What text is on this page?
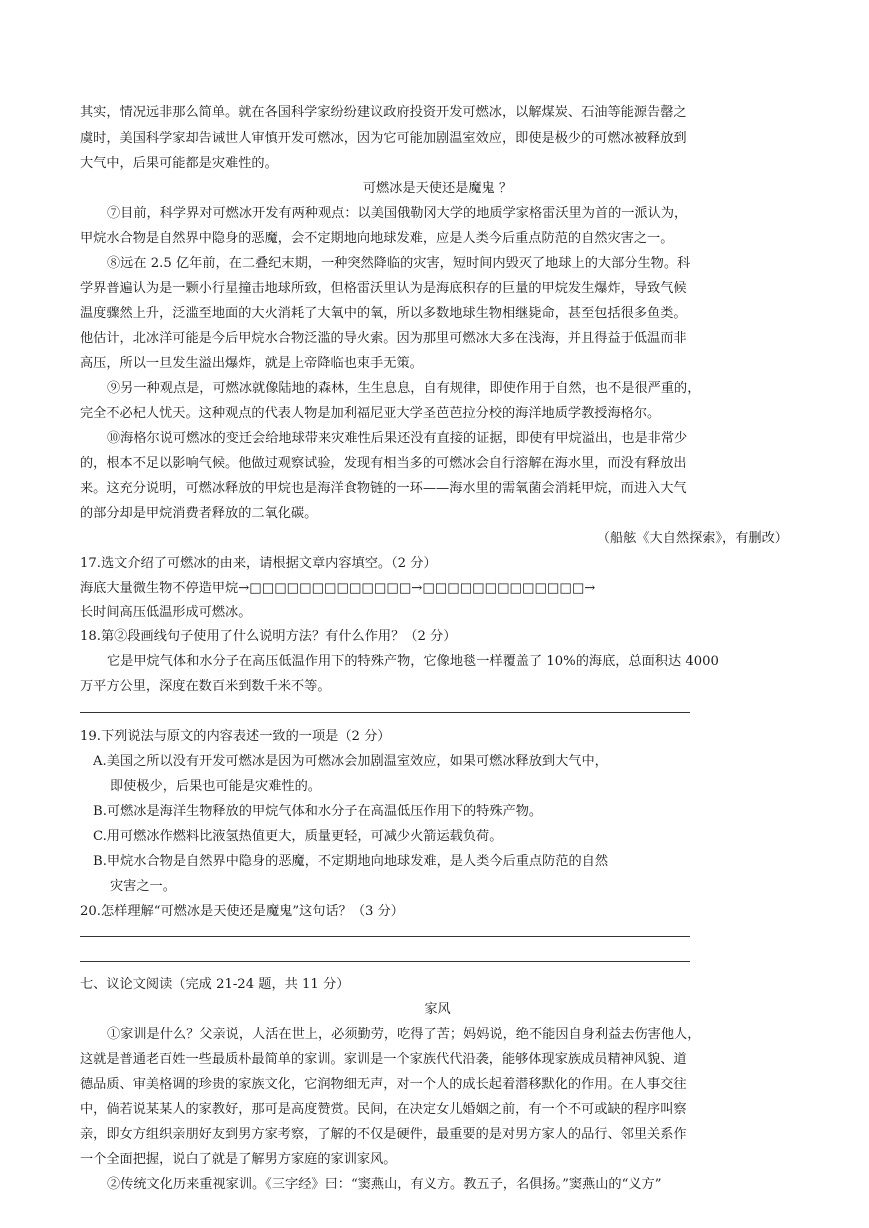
其实，情况远非那么简单。就在各国科学家纷纷建议政府投资开发可燃冰，以解煤炭、石油等能源告罄之
虞时，美国科学家却告诫世人审慎开发可燃冰，因为它可能加剧温室效应，即使是极少的可燃冰被释放到
大气中，后果可能都是灾难性的。
可燃冰是天使还是魔鬼 ？
⑦目前，科学界对可燃冰开发有两种观点：以美国俄勒冈大学的地质学家格雷沃里为首的一派认为，
甲烷水合物是自然界中隐身的恶魔，会不定期地向地球发难，应是人类今后重点防范的自然灾害之一。
⑧远在 2.5 亿年前，在二叠纪末期，一种突然降临的灾害，短时间内毁灭了地球上的大部分生物。科
学界普遍认为是一颗小行星撞击地球所致，但格雷沃里认为是海底积存的巨量的甲烷发生爆炸，导致气候
温度骤然上升，泛滥至地面的大火消耗了大氧中的氧，所以多数地球生物相继毙命，甚至包括很多鱼类。
他估计，北冰洋可能是今后甲烷水合物泛滥的导火索。因为那里可燃冰大多在浅海，并且得益于低温而非
高压，所以一旦发生溢出爆炸，就是上帝降临也束手无策。
⑨另一种观点是，可燃冰就像陆地的森林，生生息息，自有规律，即使作用于自然，也不是很严重的，
完全不必杞人忧天。这种观点的代表人物是加利福尼亚大学圣芭芭拉分校的海洋地质学教授海格尔。
⑩海格尔说可燃冰的变迁会给地球带来灾难性后果还没有直接的证据，即使有甲烷溢出，也是非常少
的，根本不足以影响气候。他做过观察试验，发现有相当多的可燃冰会自行溶解在海水里，而没有释放出
来。这充分说明，可燃冰释放的甲烷也是海洋食物链的一环——海水里的需氧菌会消耗甲烷，而进入大气
的部分却是甲烷消费者释放的二氧化碳。
（船舷《大自然探索》，有删改）
17.选文介绍了可燃冰的由来，请根据文章内容填空。（2 分）
海底大量微生物不停造甲烷→□□□□□□□□□□□□□→□□□□□□□□□□□□□→
长时间高压低温形成可燃冰。
18.第②段画线句子使用了什么说明方法？有什么作用？（2 分）
它是甲烷气体和水分子在高压低温作用下的特殊产物，它像地毯一样覆盖了 10%的海底，总面积达 4000
万平方公里，深度在数百米到数千米不等。
19.下列说法与原文的内容表述一致的一项是（2 分）
A.美国之所以没有开发可燃冰是因为可燃冰会加剧温室效应，如果可燃冰释放到大气中，
即使极少，后果也可能是灾难性的。
B.可燃冰是海洋生物释放的甲烷气体和水分子在高温低压作用下的特殊产物。
C.用可燃冰作燃料比液氢热值更大，质量更轻，可减少火箭运载负荷。
B.甲烷水合物是自然界中隐身的恶魔，不定期地向地球发难，是人类今后重点防范的自然
灾害之一。
20.怎样理解“可燃冰是天使还是魔鬼”这句话？（3 分）
七、议论文阅读（完成 21-24 题，共 11 分）
家风
①家训是什么？父亲说，人活在世上，必须勤劳，吃得了苦；妈妈说，绝不能因自身利益去伤害他人，
这就是普通老百姓一些最质朴最简单的家训。家训是一个家族代代沿袭，能够体现家族成员精神风貌、道
德品质、审美格调的珍贵的家族文化，它润物细无声，对一个人的成长起着潜移默化的作用。在人事交往
中，倘若说某某人的家教好，那可是高度赞赏。民间，在决定女儿婚姻之前，有一个不可或缺的程序叫察
亲，即女方组织亲朋好友到男方家考察，了解的不仅是硬件，最重要的是对男方家人的品行、邻里关系作
一个全面把握，说白了就是了解男方家庭的家训家风。
②传统文化历来重视家训。《三字经》曰：“窦燕山，有义方。教五子，名俱扬。”窦燕山的“义方”
